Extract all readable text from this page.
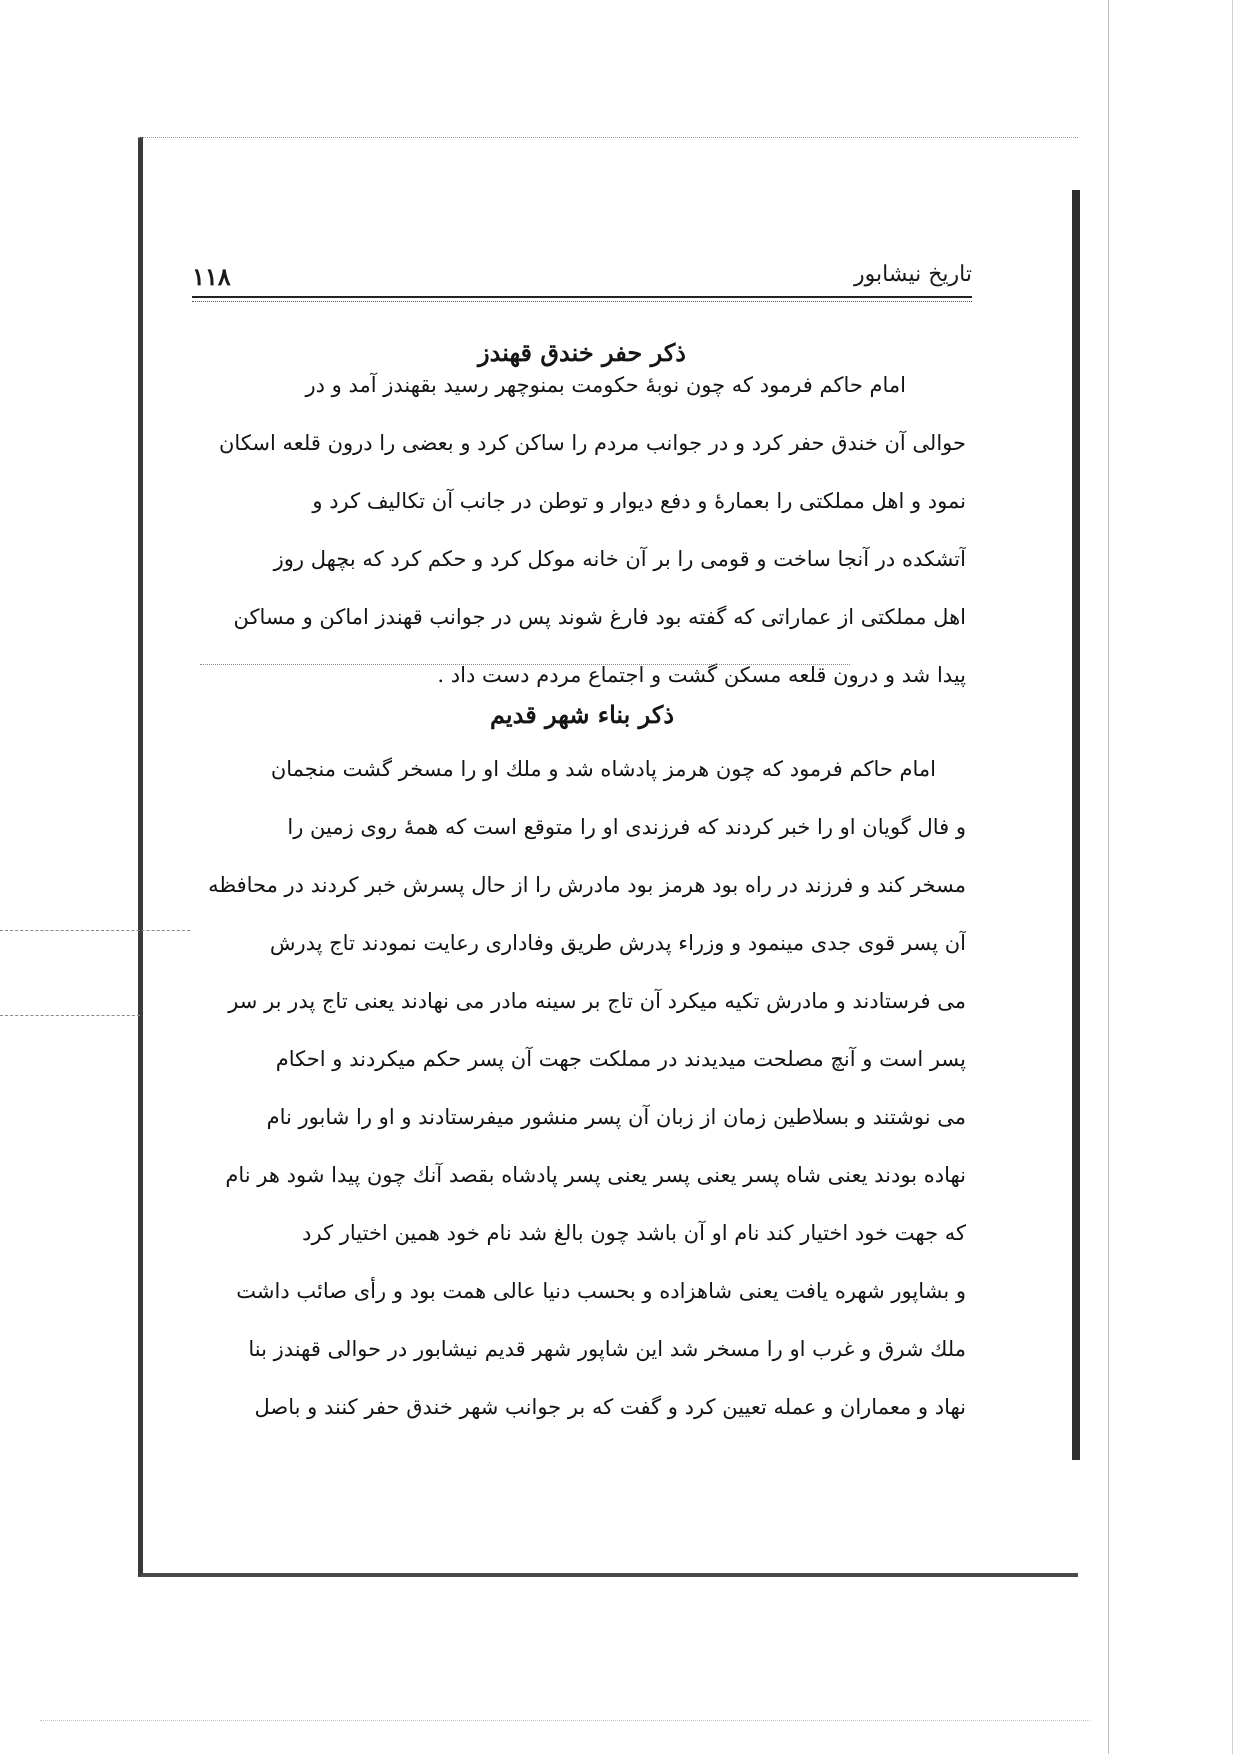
تاریخ نیشابور
۱۱۸
ذکر حفر خندق قهندز
امام حاکم فرمود که چون نوبهٔ حکومت بمنوچهر رسید بقهندز آمد و در
حوالی آن خندق حفر کرد و در جوانب مردم را ساکن کرد و بعضی را درون قلعه اسکان
نمود و اهل مملکتی را بعمارهٔ و دفع دیوار و توطن در جانب آن تکالیف کرد و
آتشکده در آنجا ساخت و قومی را بر آن خانه موکل کرد و حکم کرد که بچهل روز
اهل مملکتی از عماراتی که گفته بود فارغ شوند پس در جوانب قهندز اماکن و مساکن
پیدا شد و درون قلعه مسکن گشت و اجتماع مردم دست داد .
ذکر بناء شهر قدیم
امام حاکم فرمود که چون هرمز پادشاه شد و ملك او را مسخر گشت منجمان
و فال گویان او را خبر کردند که فرزندی او را متوقع است که همهٔ روی زمین را
مسخر کند و فرزند در راه بود هرمز بود مادرش را از حال پسرش خبر کردند در محافظه
آن پسر قوی جدی مینمود و وزراء پدرش طریق وفاداری رعایت نمودند تاج پدرش
می فرستادند و مادرش تکیه میکرد آن تاج بر سینه مادر می نهادند یعنی تاج پدر بر سر
پسر است و آنچ مصلحت میدیدند در مملکت جهت آن پسر حکم میکردند و احکام
می نوشتند و بسلاطین زمان از زبان آن پسر منشور میفرستادند و او را شابور نام
نهاده بودند یعنی شاه پسر یعنی پسر یعنی پسر پادشاه بقصد آنك چون پیدا شود هر نام
که جهت خود اختیار کند نام او آن باشد چون بالغ شد نام خود همین اختیار کرد
و بشاپور شهره یافت یعنی شاهزاده و بحسب دنیا عالی همت بود و رأی صائب داشت
ملك شرق و غرب او را مسخر شد این شاپور شهر قدیم نیشابور در حوالی قهندز بنا
نهاد و معماران و عمله تعیین کرد و گفت که بر جوانب شهر خندق حفر کنند و باصل
